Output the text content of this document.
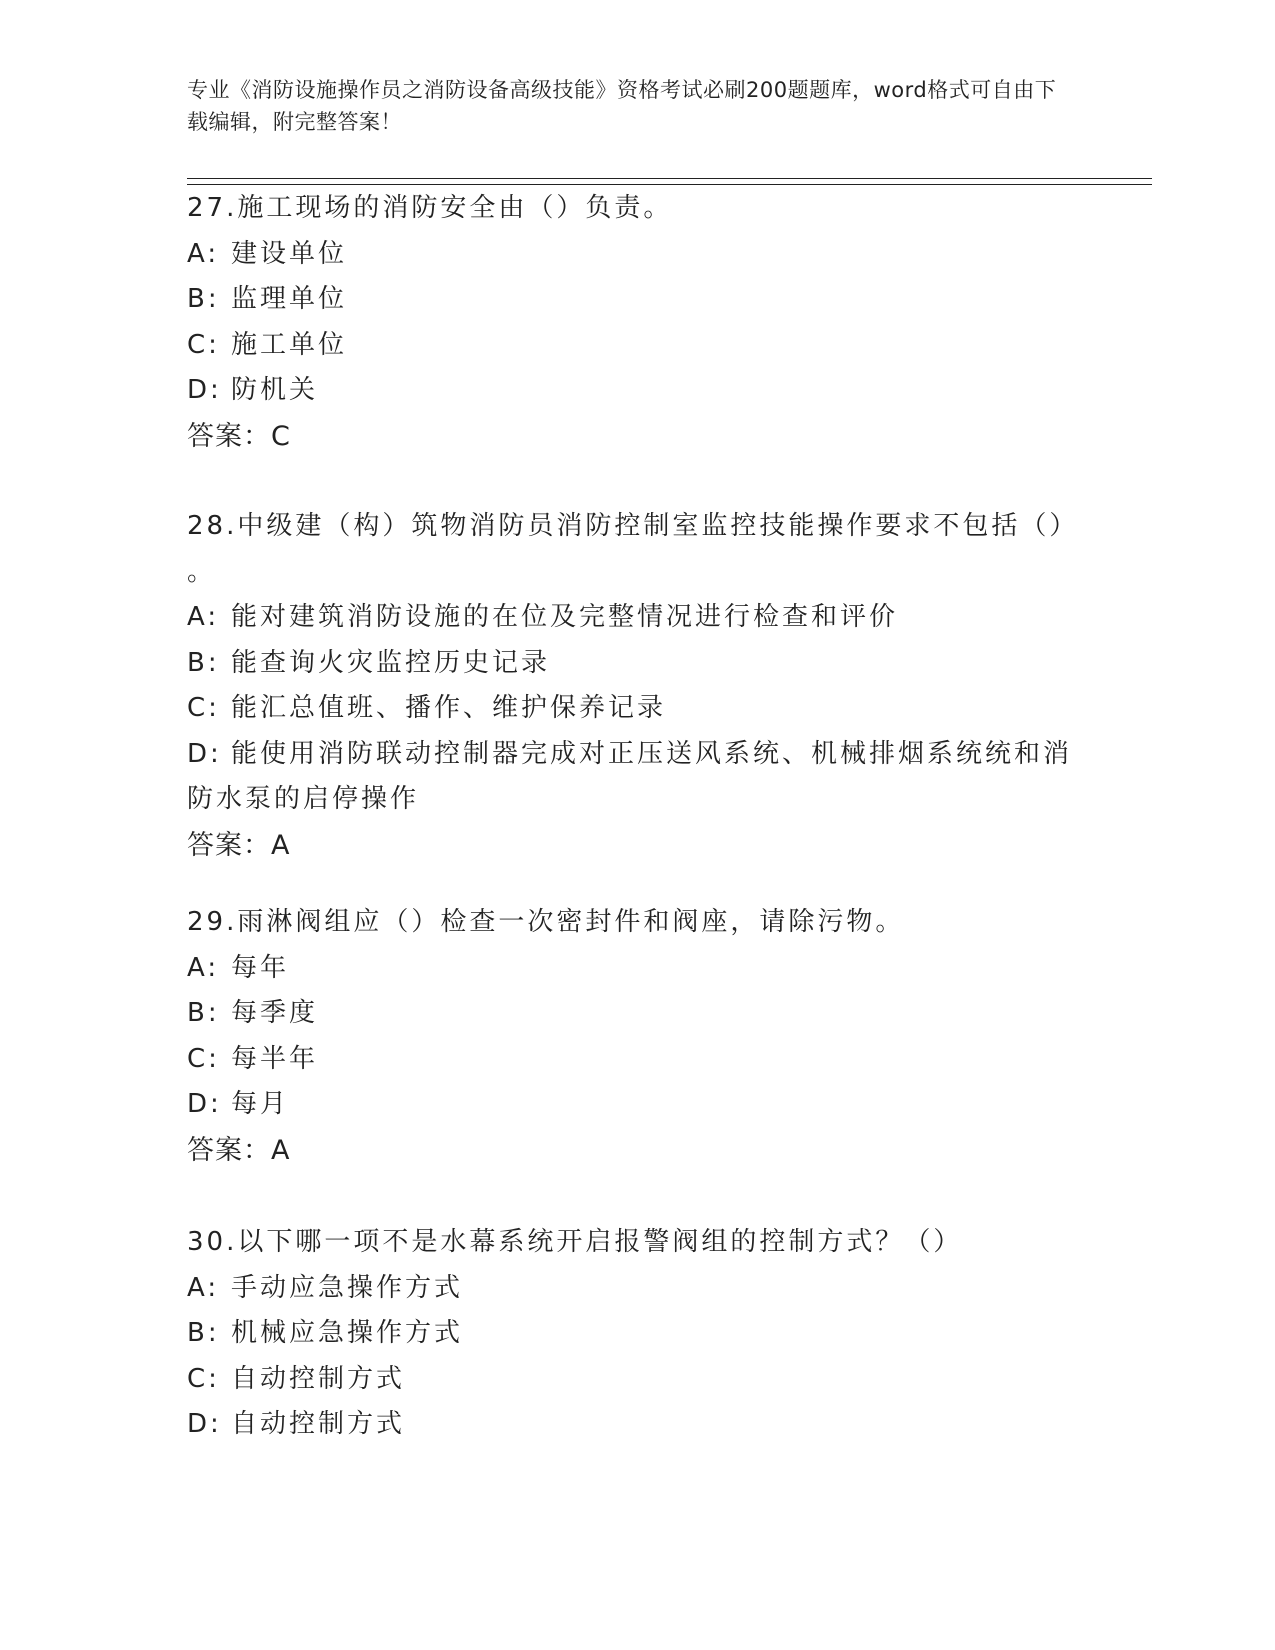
专业《消防设施操作员之消防设备高级技能》资格考试必刷200题题库，word格式可自由下载编辑，附完整答案！
27.施工现场的消防安全由（）负责。
A: 建设单位
B: 监理单位
C: 施工单位
D: 防机关
答案：C
28.中级建（构）筑物消防员消防控制室监控技能操作要求不包括（）
。
A: 能对建筑消防设施的在位及完整情况进行检查和评价
B: 能查询火灾监控历史记录
C: 能汇总值班、播作、维护保养记录
D: 能使用消防联动控制器完成对正压送风系统、机械排烟系统统和消
防水泵的启停操作
答案：A
29.雨淋阀组应（）检查一次密封件和阀座，请除污物。
A: 每年
B: 每季度
C: 每半年
D: 每月
答案：A
30.以下哪一项不是水幕系统开启报警阀组的控制方式？（）
A: 手动应急操作方式
B: 机械应急操作方式
C: 自动控制方式
D: 自动控制方式
